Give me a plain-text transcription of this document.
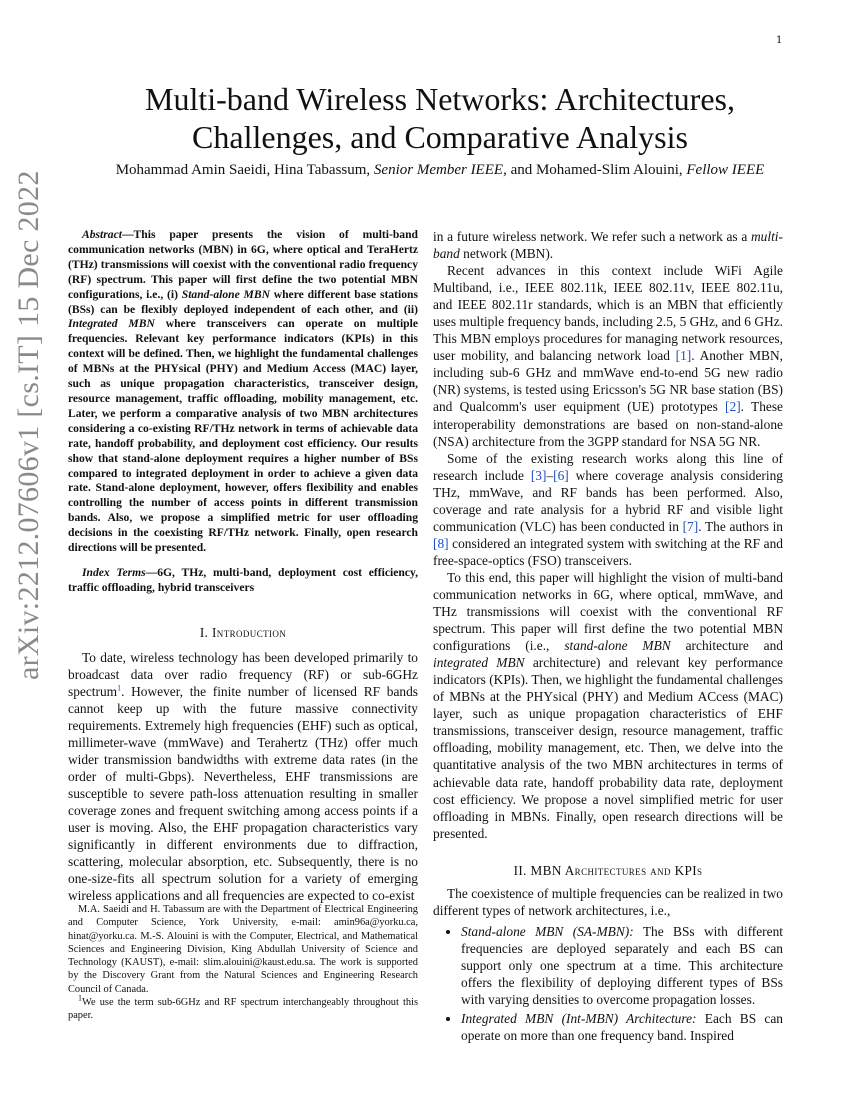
1
arXiv:2212.07606v1 [cs.IT] 15 Dec 2022
Multi-band Wireless Networks: Architectures, Challenges, and Comparative Analysis
Mohammad Amin Saeidi, Hina Tabassum, Senior Member IEEE, and Mohamed-Slim Alouini, Fellow IEEE

Abstract—This paper presents the vision of multi-band communication networks (MBN) in 6G, where optical and TeraHertz (THz) transmissions will coexist with the conventional radio frequency (RF) spectrum. This paper will first define the two potential MBN configurations, i.e., (i) Stand-alone MBN where different base stations (BSs) can be flexibly deployed independent of each other, and (ii) Integrated MBN where transceivers can operate on multiple frequencies. Relevant key performance indicators (KPIs) in this context will be defined. Then, we highlight the fundamental challenges of MBNs at the PHYsical (PHY) and Medium Access (MAC) layer, such as unique propagation characteristics, transceiver design, resource management, traffic offloading, mobility management, etc. Later, we perform a comparative analysis of two MBN architectures considering a co-existing RF/THz network in terms of achievable data rate, handoff probability, and deployment cost efficiency. Our results show that stand-alone deployment requires a higher number of BSs compared to integrated deployment in order to achieve a given data rate. Stand-alone deployment, however, offers flexibility and enables controlling the number of access points in different transmission bands. Also, we propose a simplified metric for user offloading decisions in the coexisting RF/THz network. Finally, open research directions will be presented.

Index Terms—6G, THz, multi-band, deployment cost efficiency, traffic offloading, hybrid transceivers

I. Introduction

To date, wireless technology has been developed primarily to broadcast data over radio frequency (RF) or sub-6GHz spectrum$^1$. However, the finite number of licensed RF bands cannot keep up with the future massive connectivity requirements. Extremely high frequencies (EHF) such as optical, millimeter-wave (mmWave) and Terahertz (THz) offer much wider transmission bandwidths with extreme data rates (in the order of multi-Gbps). Nevertheless, EHF transmissions are susceptible to severe path-loss attenuation resulting in smaller coverage zones and frequent switching among access points if a user is moving. Also, the EHF propagation characteristics vary significantly in different environments due to diffraction, scattering, molecular absorption, etc. Subsequently, there is no one-size-fits all spectrum solution for a variety of emerging wireless applications and all frequencies are expected to co-exist

M.A. Saeidi and H. Tabassum are with the Department of Electrical Engineering and Computer Science, York University, e-mail: amin96a@yorku.ca, hinat@yorku.ca. M.-S. Alouini is with the Computer, Electrical, and Mathematical Sciences and Engineering Division, King Abdullah University of Science and Technology (KAUST), e-mail: slim.alouini@kaust.edu.sa. The work is supported by the Discovery Grant from the Natural Sciences and Engineering Research Council of Canada.

$^1$We use the term sub-6GHz and RF spectrum interchangeably throughout this paper.

in a future wireless network. We refer such a network as a multi-band network (MBN).

Recent advances in this context include WiFi Agile Multiband, i.e., IEEE 802.11k, IEEE 802.11v, IEEE 802.11u, and IEEE 802.11r standards, which is an MBN that efficiently uses multiple frequency bands, including 2.5, 5 GHz, and 6 GHz. This MBN employs procedures for managing network resources, user mobility, and balancing network load [1]. Another MBN, including sub-6 GHz and mmWave end-to-end 5G new radio (NR) systems, is tested using Ericsson's 5G NR base station (BS) and Qualcomm's user equipment (UE) prototypes [2]. These interoperability demonstrations are based on non-stand-alone (NSA) architecture from the 3GPP standard for NSA 5G NR.

Some of the existing research works along this line of research include [3]–[6] where coverage analysis considering THz, mmWave, and RF bands has been performed. Also, coverage and rate analysis for a hybrid RF and visible light communication (VLC) has been conducted in [7]. The authors in [8] considered an integrated system with switching at the RF and free-space-optics (FSO) transceivers.

To this end, this paper will highlight the vision of multi-band communication networks in 6G, where optical, mmWave, and THz transmissions will coexist with the conventional RF spectrum. This paper will first define the two potential MBN configurations (i.e., stand-alone MBN architecture and integrated MBN architecture) and relevant key performance indicators (KPIs). Then, we highlight the fundamental challenges of MBNs at the PHYsical (PHY) and Medium ACcess (MAC) layer, such as unique propagation characteristics of EHF transmissions, transceiver design, resource management, traffic offloading, mobility management, etc. Then, we delve into the quantitative analysis of the two MBN architectures in terms of achievable data rate, handoff probability data rate, deployment cost efficiency. We propose a novel simplified metric for user offloading in MBNs. Finally, open research directions will be presented.

II. MBN Architectures and KPIs

The coexistence of multiple frequencies can be realized in two different types of network architectures, i.e.,

• Stand-alone MBN (SA-MBN): The BSs with different frequencies are deployed separately and each BS can support only one spectrum at a time. This architecture offers the flexibility of deploying different types of BSs with varying densities to overcome propagation losses.
• Integrated MBN (Int-MBN) Architecture: Each BS can operate on more than one frequency band. Inspired
